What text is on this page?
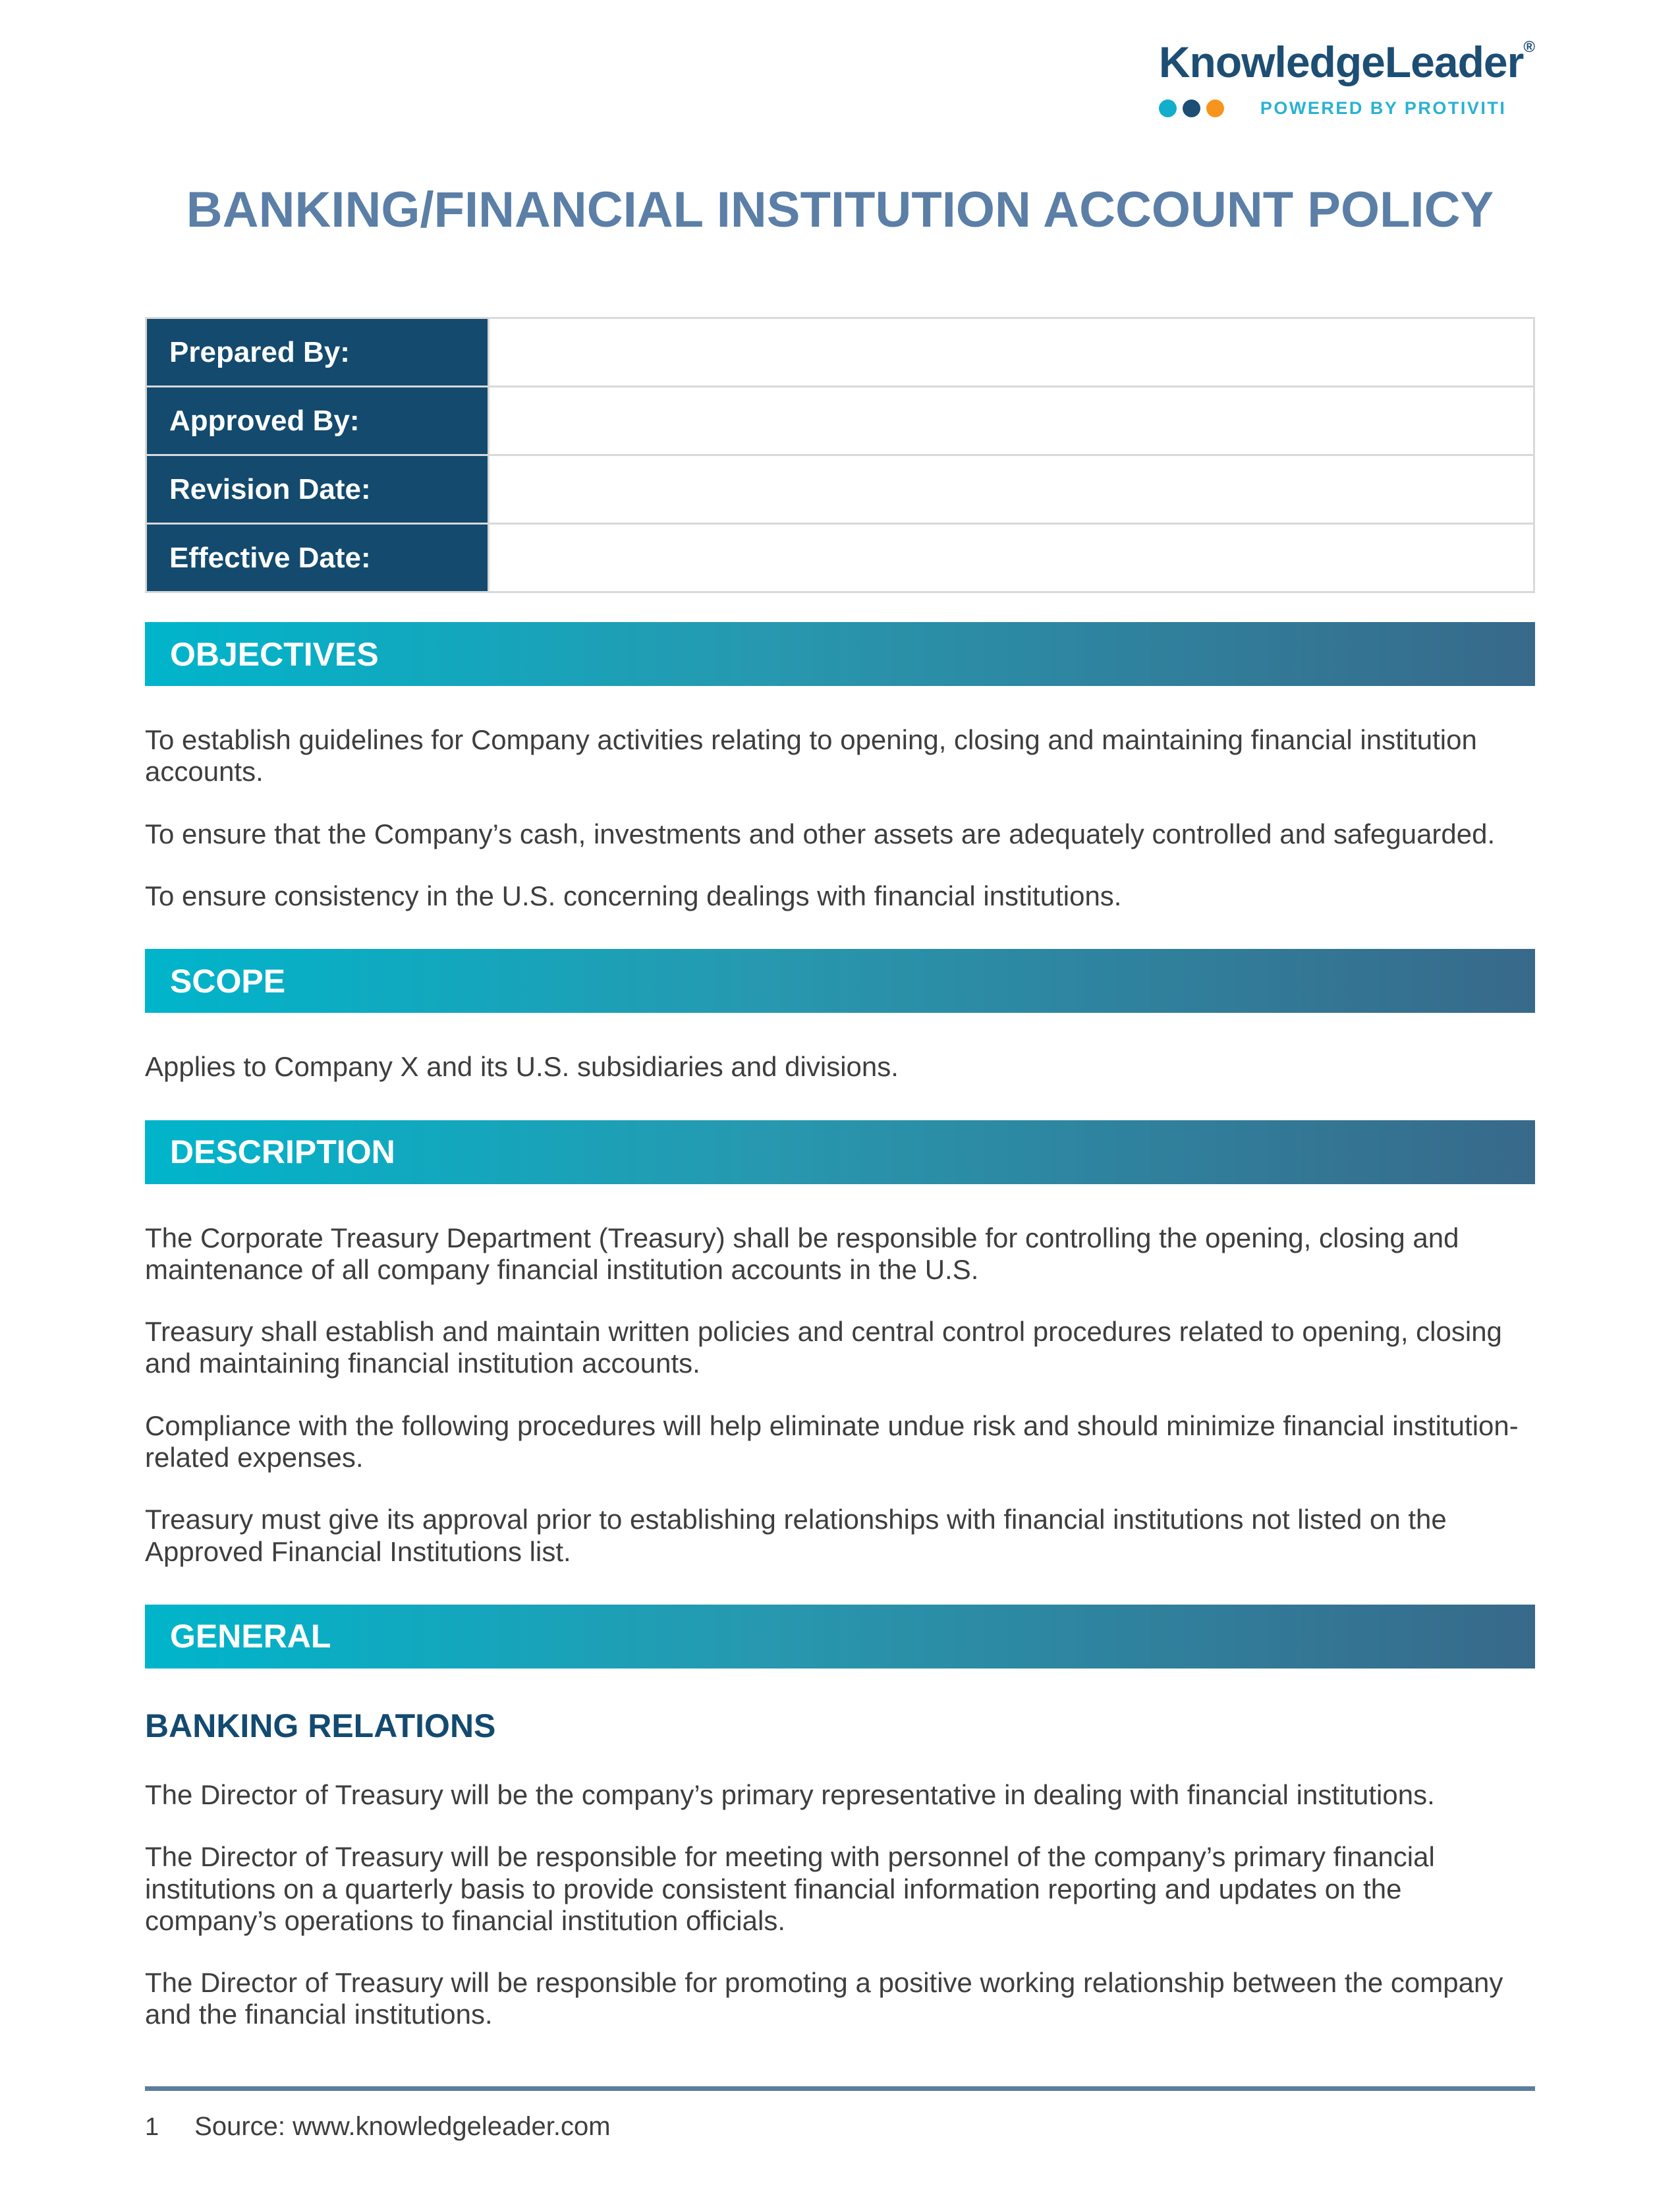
KnowledgeLeader®
POWERED BY PROTIVITI
BANKING/FINANCIAL INSTITUTION ACCOUNT POLICY
Prepared By:	
Approved By:	
Revision Date:	
Effective Date:	
OBJECTIVES

To establish guidelines for Company activities relating to opening, closing and maintaining financial institution accounts.

To ensure that the Company’s cash, investments and other assets are adequately controlled and safeguarded.

To ensure consistency in the U.S. concerning dealings with financial institutions.

SCOPE

Applies to Company X and its U.S. subsidiaries and divisions.

DESCRIPTION

The Corporate Treasury Department (Treasury) shall be responsible for controlling the opening, closing and maintenance of all company financial institution accounts in the U.S.

Treasury shall establish and maintain written policies and central control procedures related to opening, closing and maintaining financial institution accounts.

Compliance with the following procedures will help eliminate undue risk and should minimize financial institution-related expenses.

Treasury must give its approval prior to establishing relationships with financial institutions not listed on the Approved Financial Institutions list.

GENERAL
BANKING RELATIONS

The Director of Treasury will be the company’s primary representative in dealing with financial institutions.

The Director of Treasury will be responsible for meeting with personnel of the company’s primary financial institutions on a quarterly basis to provide consistent financial information reporting and updates on the company’s operations to financial institution officials.

The Director of Treasury will be responsible for promoting a positive working relationship between the company and the financial institutions.

1 Source: www.knowledgeleader.com
